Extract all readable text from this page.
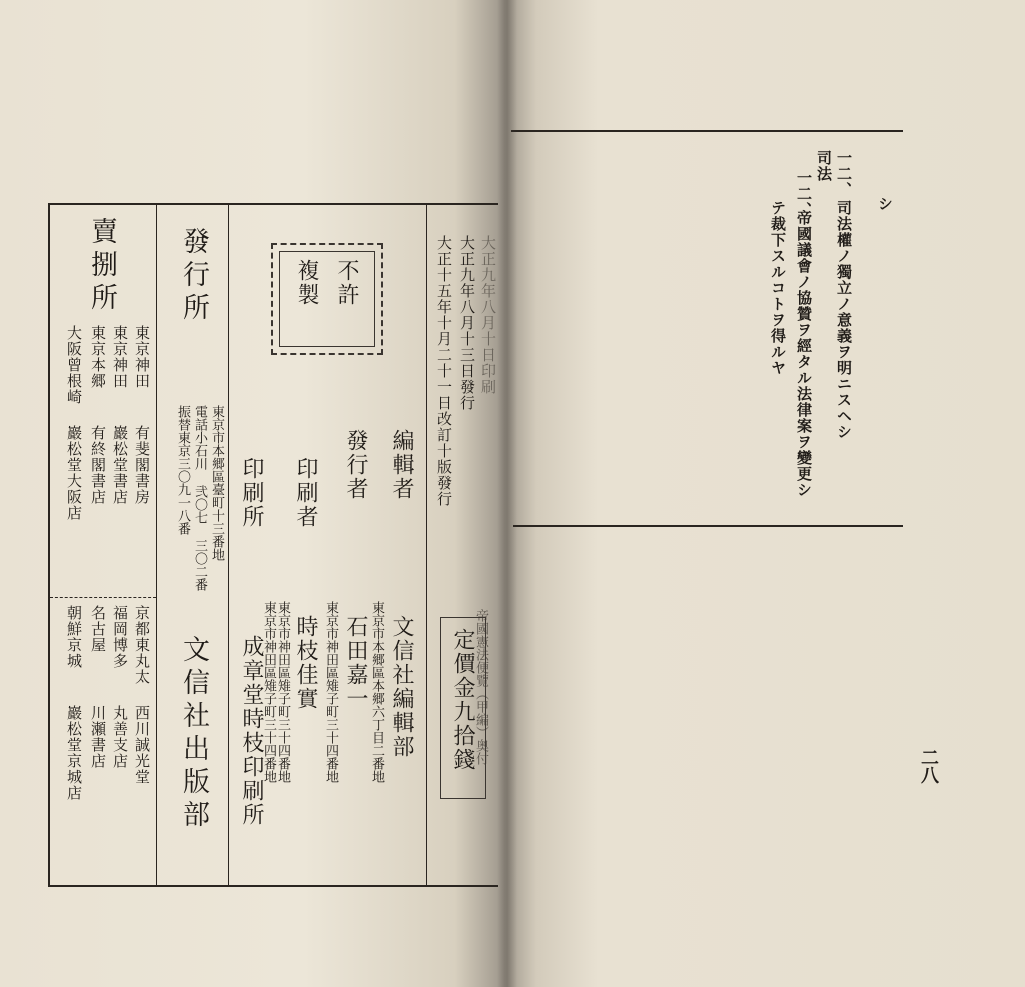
賣捌所
東京神田
有斐閣書房
東京神田
巖松堂書店
東京本郷
有終閣書店
大阪曾根崎
巖松堂大阪店
京都東丸太
西川誠光堂
福岡博多
丸善支店
名古屋
川瀬書店
朝鮮京城
巖松堂京城店
發行所
東京市本郷區臺町十三番地
電話小石川 弐〇七 三〇二番
振替東京三〇九一八番
文信社出版部
不許
複製
編輯者
東京市本郷區本郷六丁目二番地 文信社編輯部
發行者
東京市神田區雉子町三十四番地 石田嘉一
印刷者
東京市神田區雉子町三十四番地 時枝佳實
印刷所
東京市神田區雉子町三十四番地
成章堂時枝印刷所
大正九年八月十日印刷
大正九年八月十三日發行
大正十五年十月二十一日改訂十版發行
帝國憲法便覽（甲編）奥付
定價金九拾錢
一二、
司法權ノ獨立ノ意義ヲ明ニスヘシ
司法
一二、
帝國議會ノ協贊ヲ經タル法律案ヲ變更シ
テ裁下スルコトヲ得ルヤ	シ
二八
